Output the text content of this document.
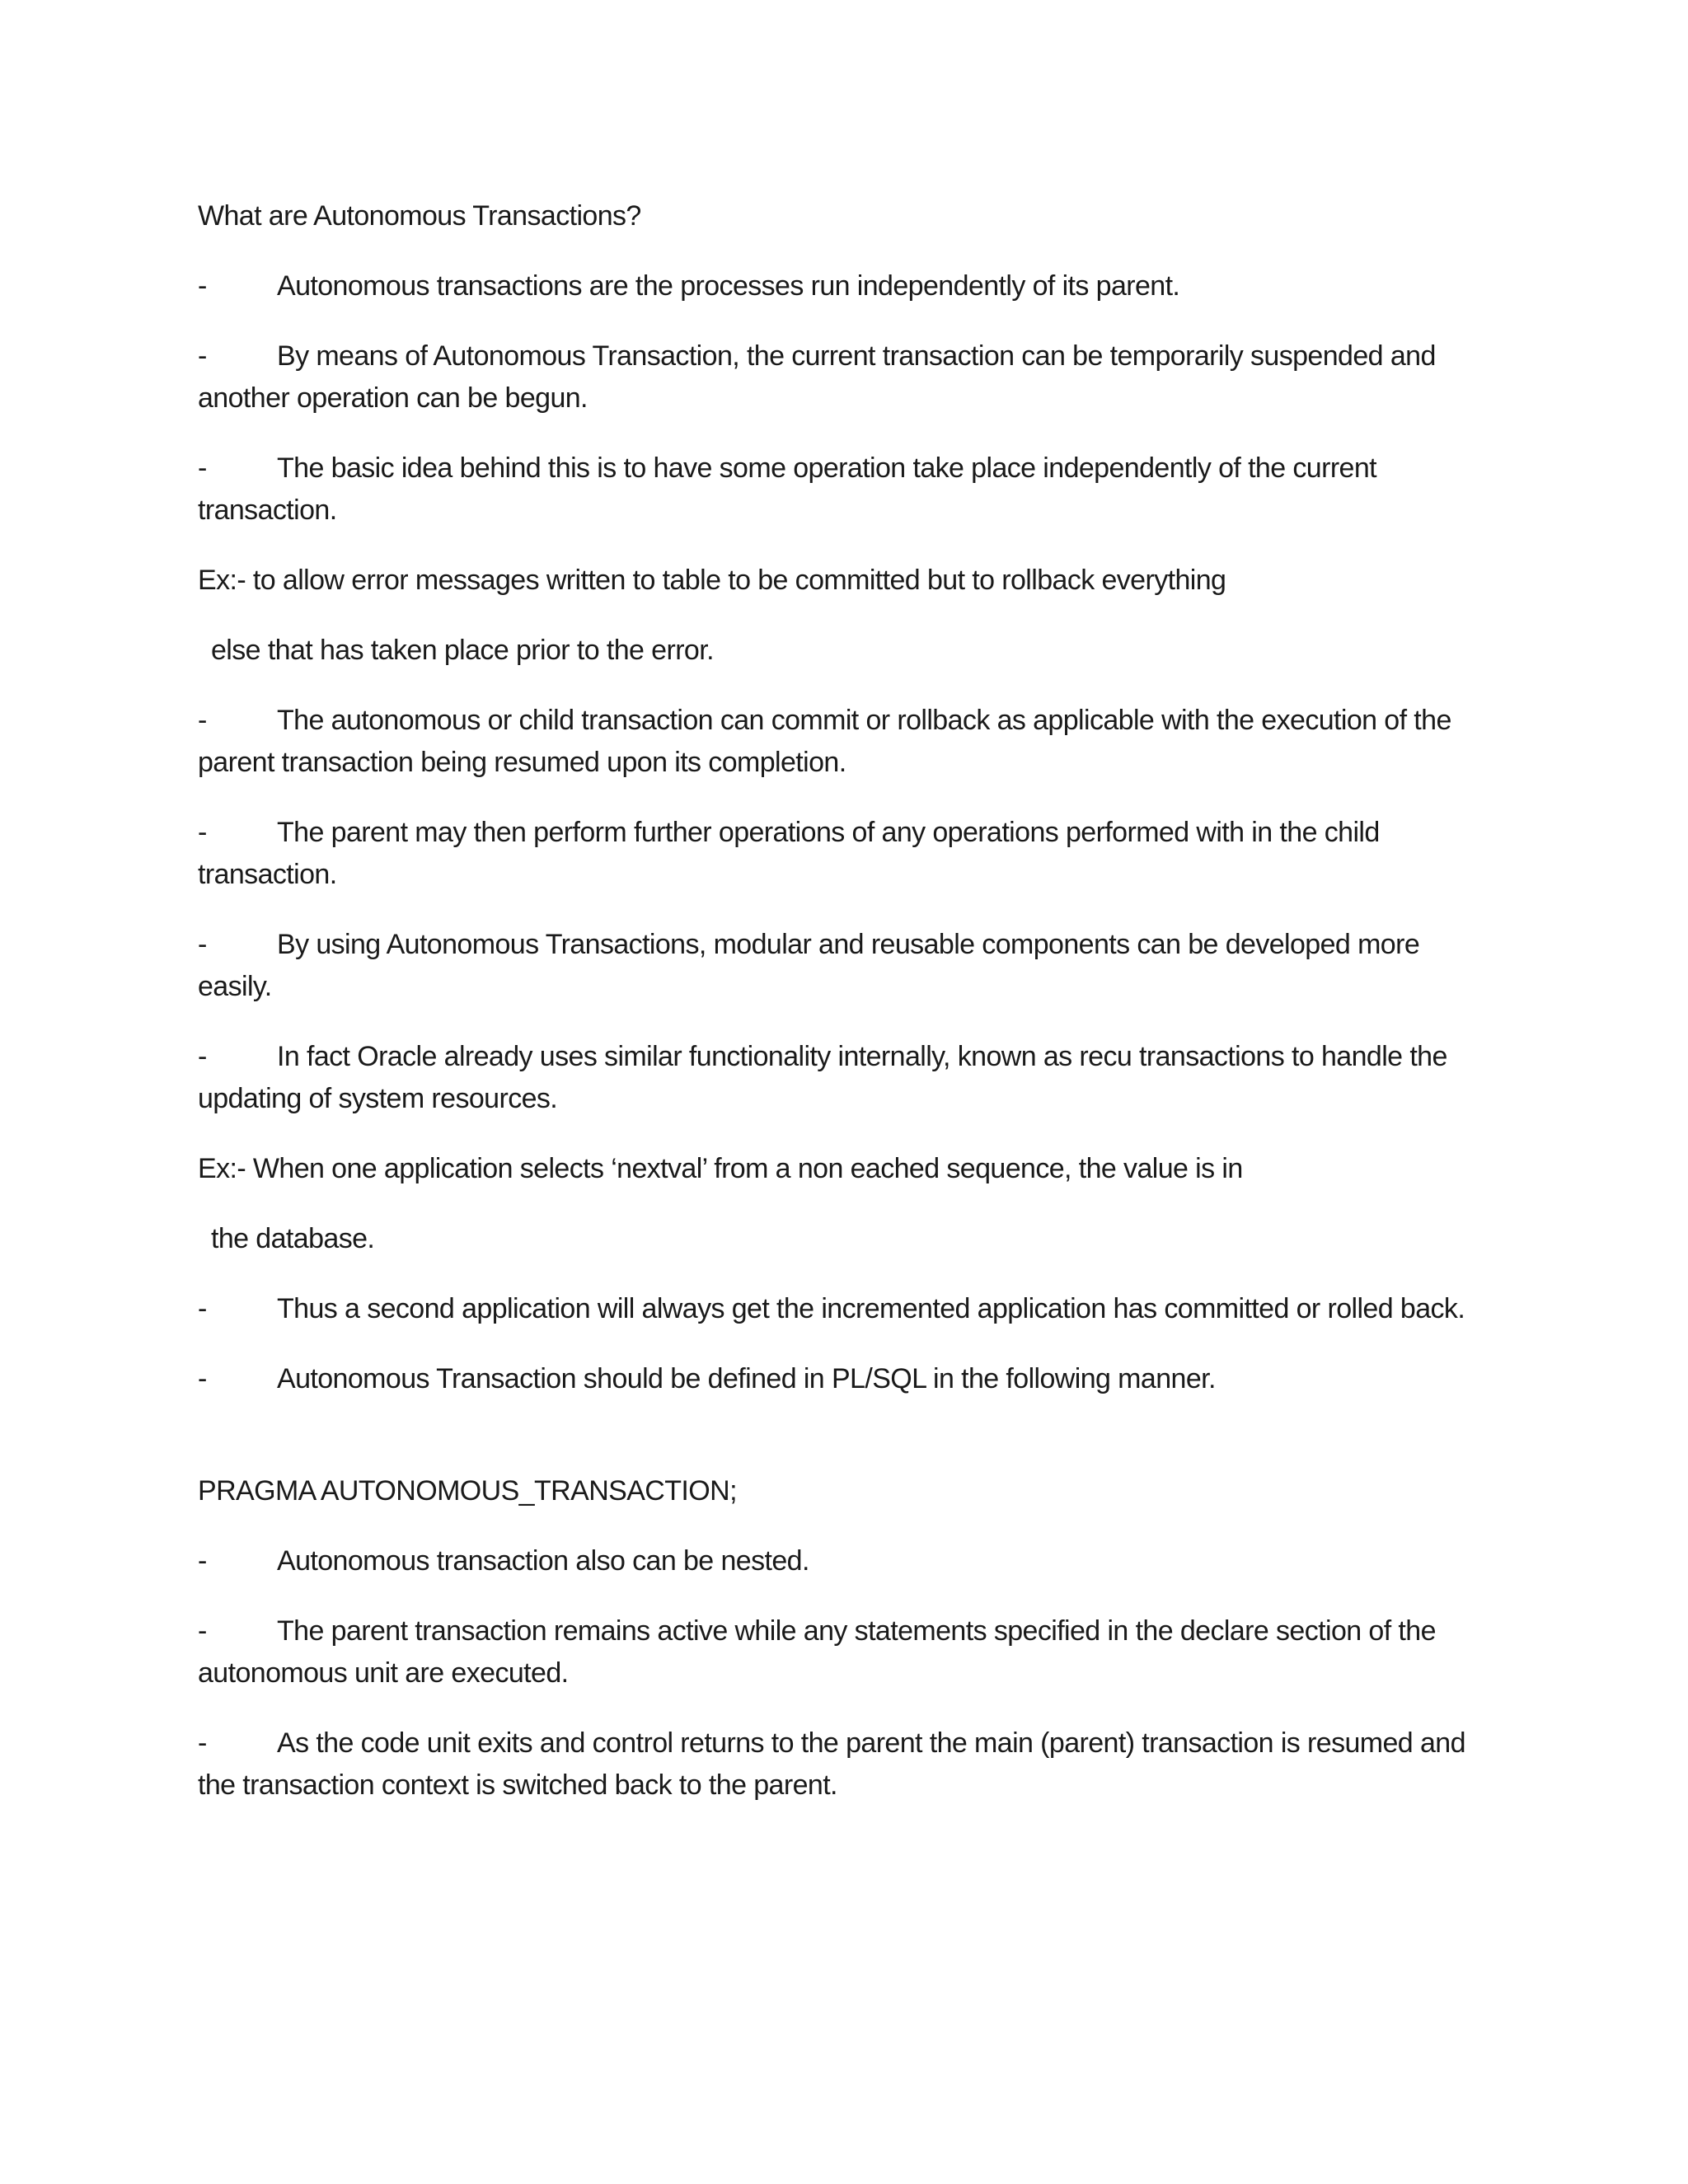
What are Autonomous Transactions?

-	Autonomous transactions are the processes run independently of its parent.

-	By means of Autonomous Transaction, the current transaction can be temporarily suspended and another operation can be begun.

-	The basic idea behind this is to have some operation take place independently of the current transaction.

Ex:- to allow error messages written to table to be committed but to rollback everything

else that has taken place prior to the error.

-	The autonomous or child transaction can commit or rollback as applicable with the execution of the parent transaction being resumed upon its completion.

-	The parent may then perform further operations of any operations performed with in the child transaction.

-	By using Autonomous Transactions, modular and reusable components can be developed more easily.

-	In fact Oracle already uses similar functionality internally, known as recu transactions to handle the updating of system resources.

Ex:- When one application selects ‘nextval’ from a non eached sequence, the value is in

the database.

-	Thus a second application will always get the incremented application has committed or rolled back.

-	Autonomous Transaction should be defined in PL/SQL in the following manner.

PRAGMA AUTONOMOUS_TRANSACTION;

-	Autonomous transaction also can be nested.

-	The parent transaction remains active while any statements specified in the declare section of the autonomous unit are executed.

-	As the code unit exits and control returns to the parent the main (parent) transaction is resumed and the transaction context is switched back to the parent.
